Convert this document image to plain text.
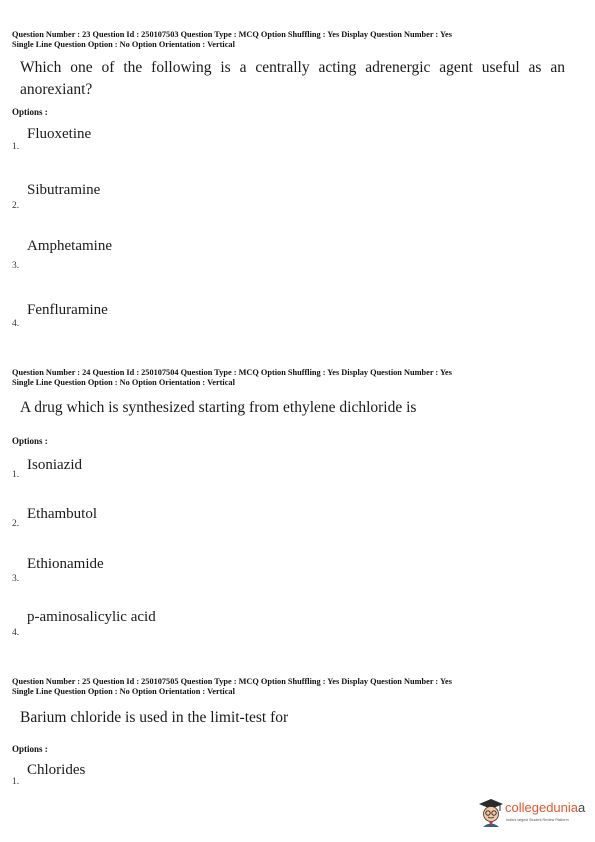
Question Number : 23 Question Id : 250107503 Question Type : MCQ Option Shuffling : Yes Display Question Number : Yes
Single Line Question Option : No Option Orientation : Vertical
Which one of the following is a centrally acting adrenergic agent useful as an anorexiant?
Options :
Fluoxetine
1.
Sibutramine
2.
Amphetamine
3.
Fenfluramine
4.
Question Number : 24 Question Id : 250107504 Question Type : MCQ Option Shuffling : Yes Display Question Number : Yes
Single Line Question Option : No Option Orientation : Vertical
A drug which is synthesized starting from ethylene dichloride is
Options :
Isoniazid
1.
Ethambutol
2.
Ethionamide
3.
p-aminosalicylic acid
4.
Question Number : 25 Question Id : 250107505 Question Type : MCQ Option Shuffling : Yes Display Question Number : Yes
Single Line Question Option : No Option Orientation : Vertical
Barium chloride is used in the limit-test for
Options :
Chlorides
1.
collegeduniaa
India's largest Student Review Platform
